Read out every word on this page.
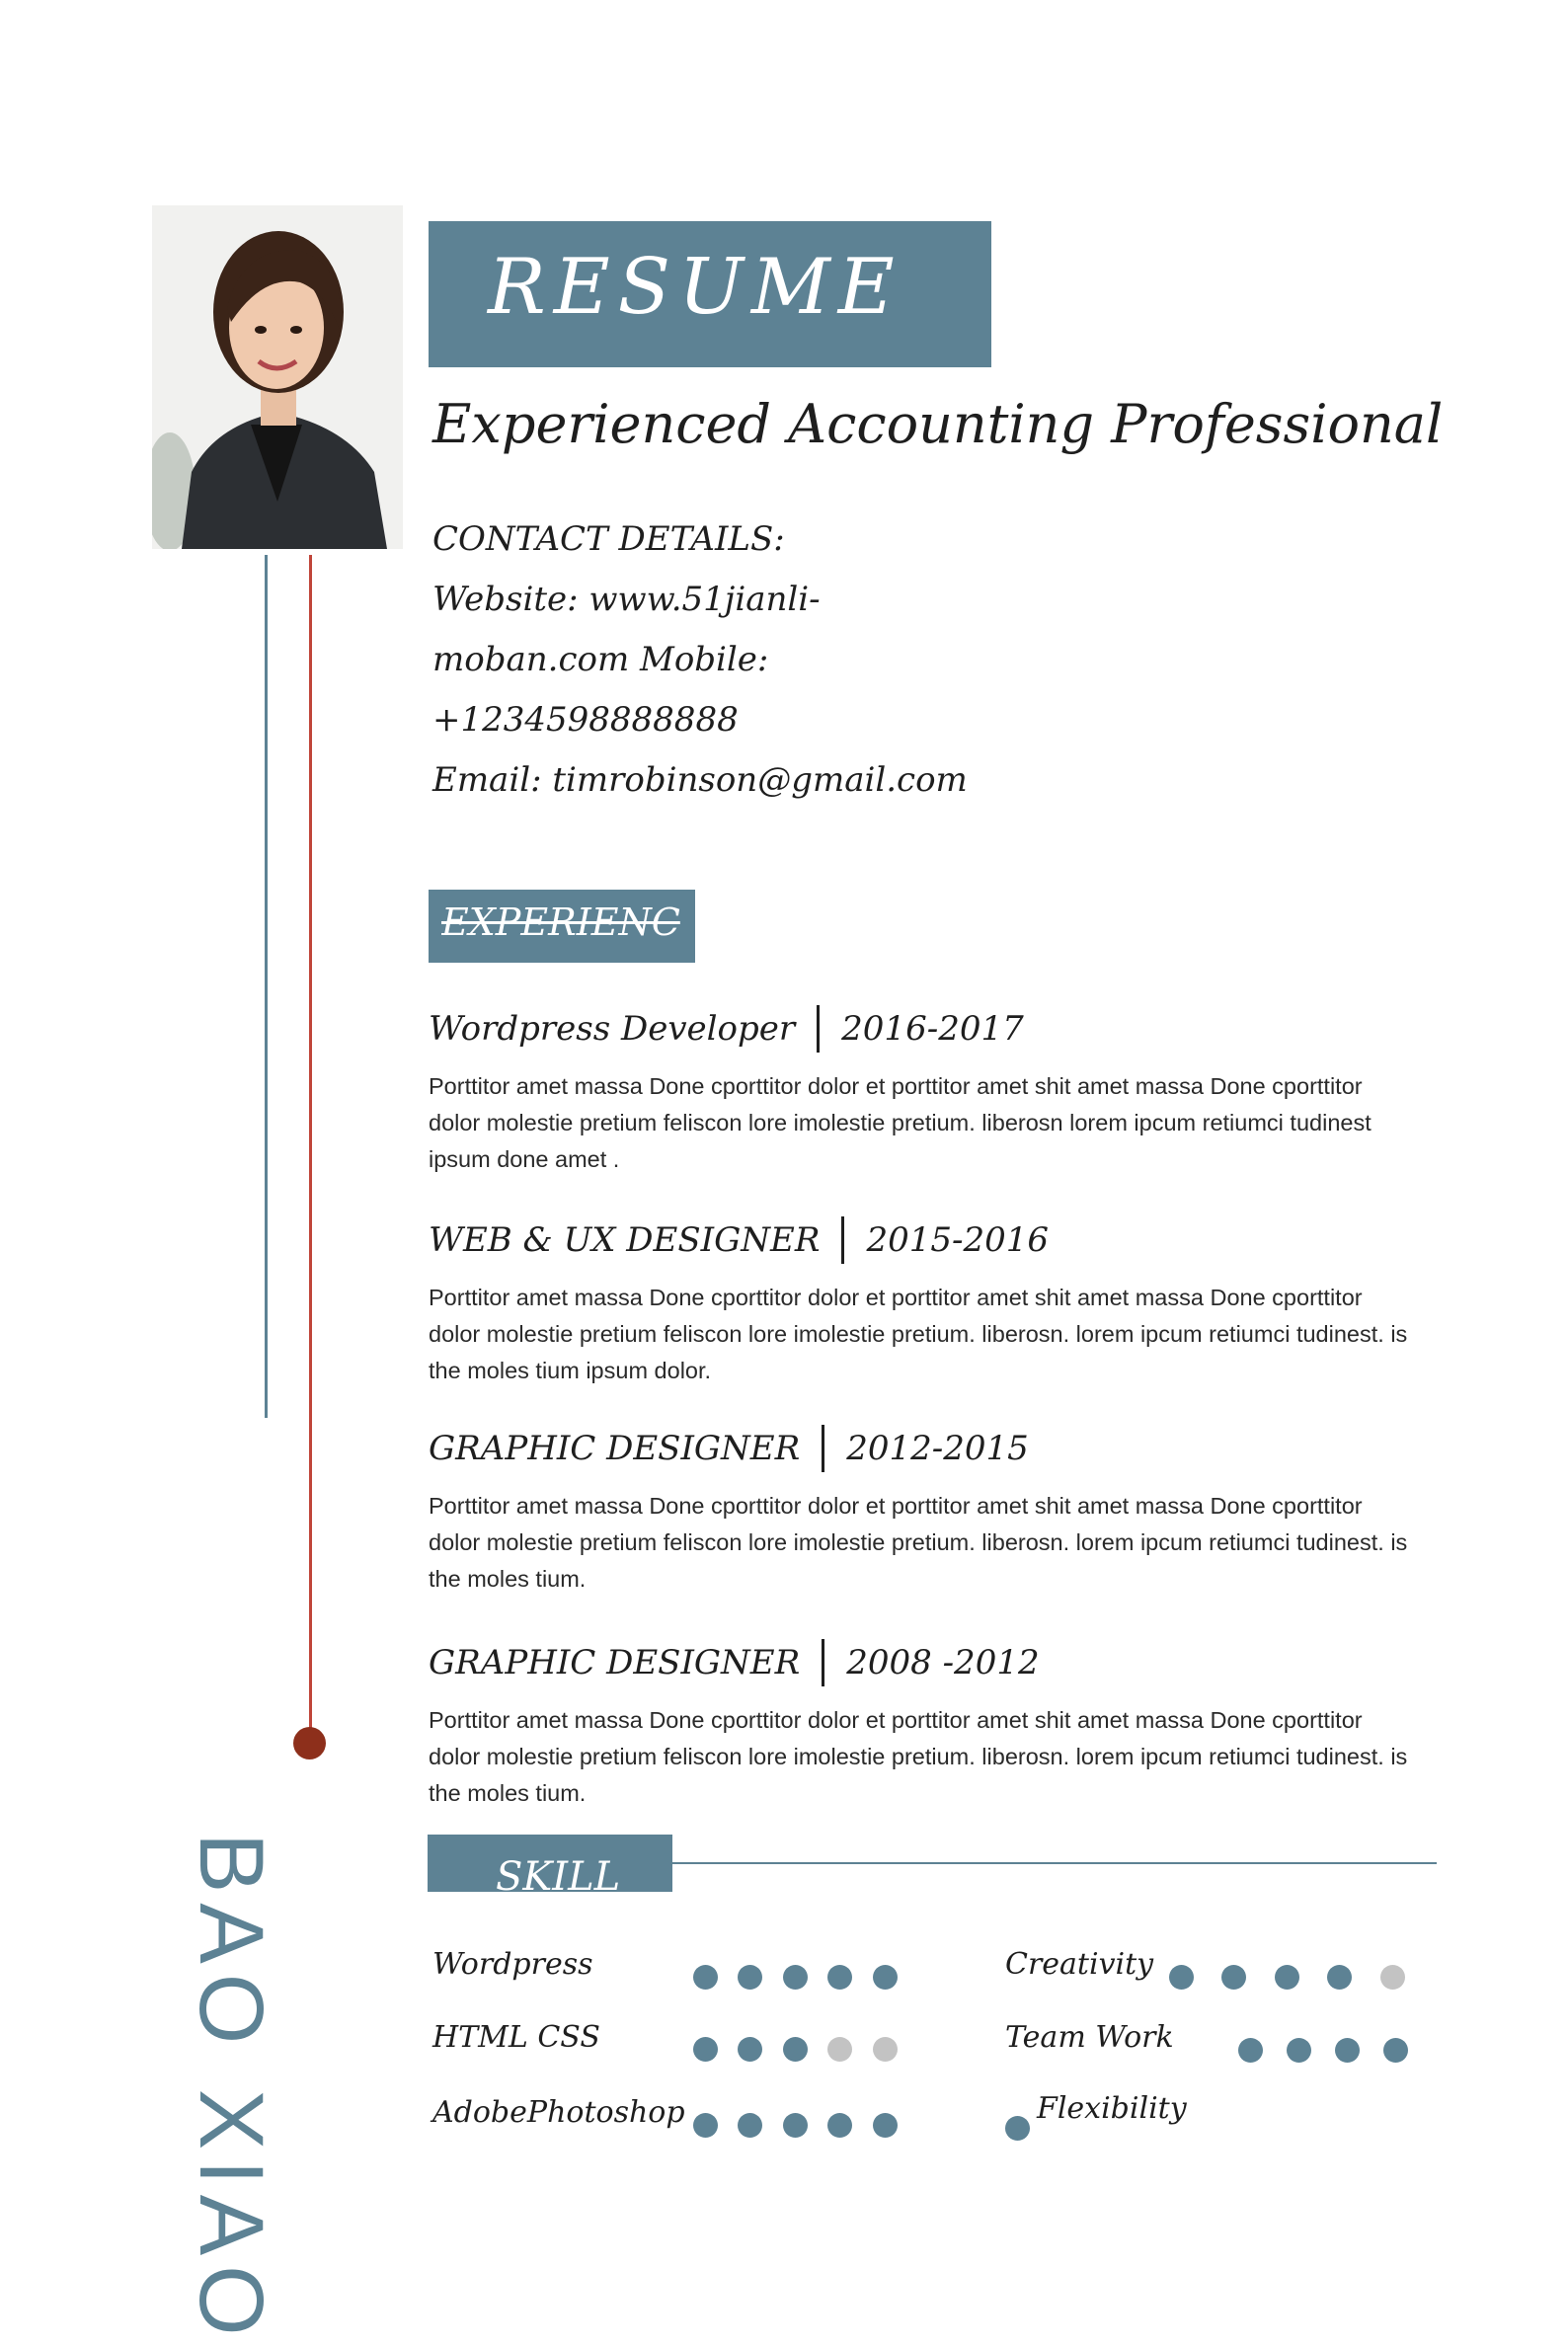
BAO XIAO
RESUME
Experienced Accounting Professional
CONTACT DETAILS:
Website: www.51jianli-
moban.com Mobile:
+1234598888888
Email: timrobinson@gmail.com
EXPERIENC
Wordpress Developer 2016-2017
Porttitor amet massa Done cporttitor dolor et porttitor amet shit amet massa Done cporttitor dolor molestie pretium feliscon lore imolestie pretium. liberosn lorem ipcum retiumci tudinest ipsum done amet .
WEB & UX DESIGNER 2015-2016
Porttitor amet massa Done cporttitor dolor et porttitor amet shit amet massa Done cporttitor dolor molestie pretium feliscon lore imolestie pretium. liberosn. lorem ipcum retiumci tudinest. is the moles tium ipsum dolor.
GRAPHIC DESIGNER 2012-2015
Porttitor amet massa Done cporttitor dolor et porttitor amet shit amet massa Done cporttitor dolor molestie pretium feliscon lore imolestie pretium. liberosn. lorem ipcum retiumci tudinest. is the moles tium.
GRAPHIC DESIGNER 2008 -2012
Porttitor amet massa Done cporttitor dolor et porttitor amet shit amet massa Done cporttitor dolor molestie pretium feliscon lore imolestie pretium. liberosn. lorem ipcum retiumci tudinest. is the moles tium.
SKILL
Wordpress
HTML CSS
AdobePhotoshop
Creativity
Team Work
Flexibility
